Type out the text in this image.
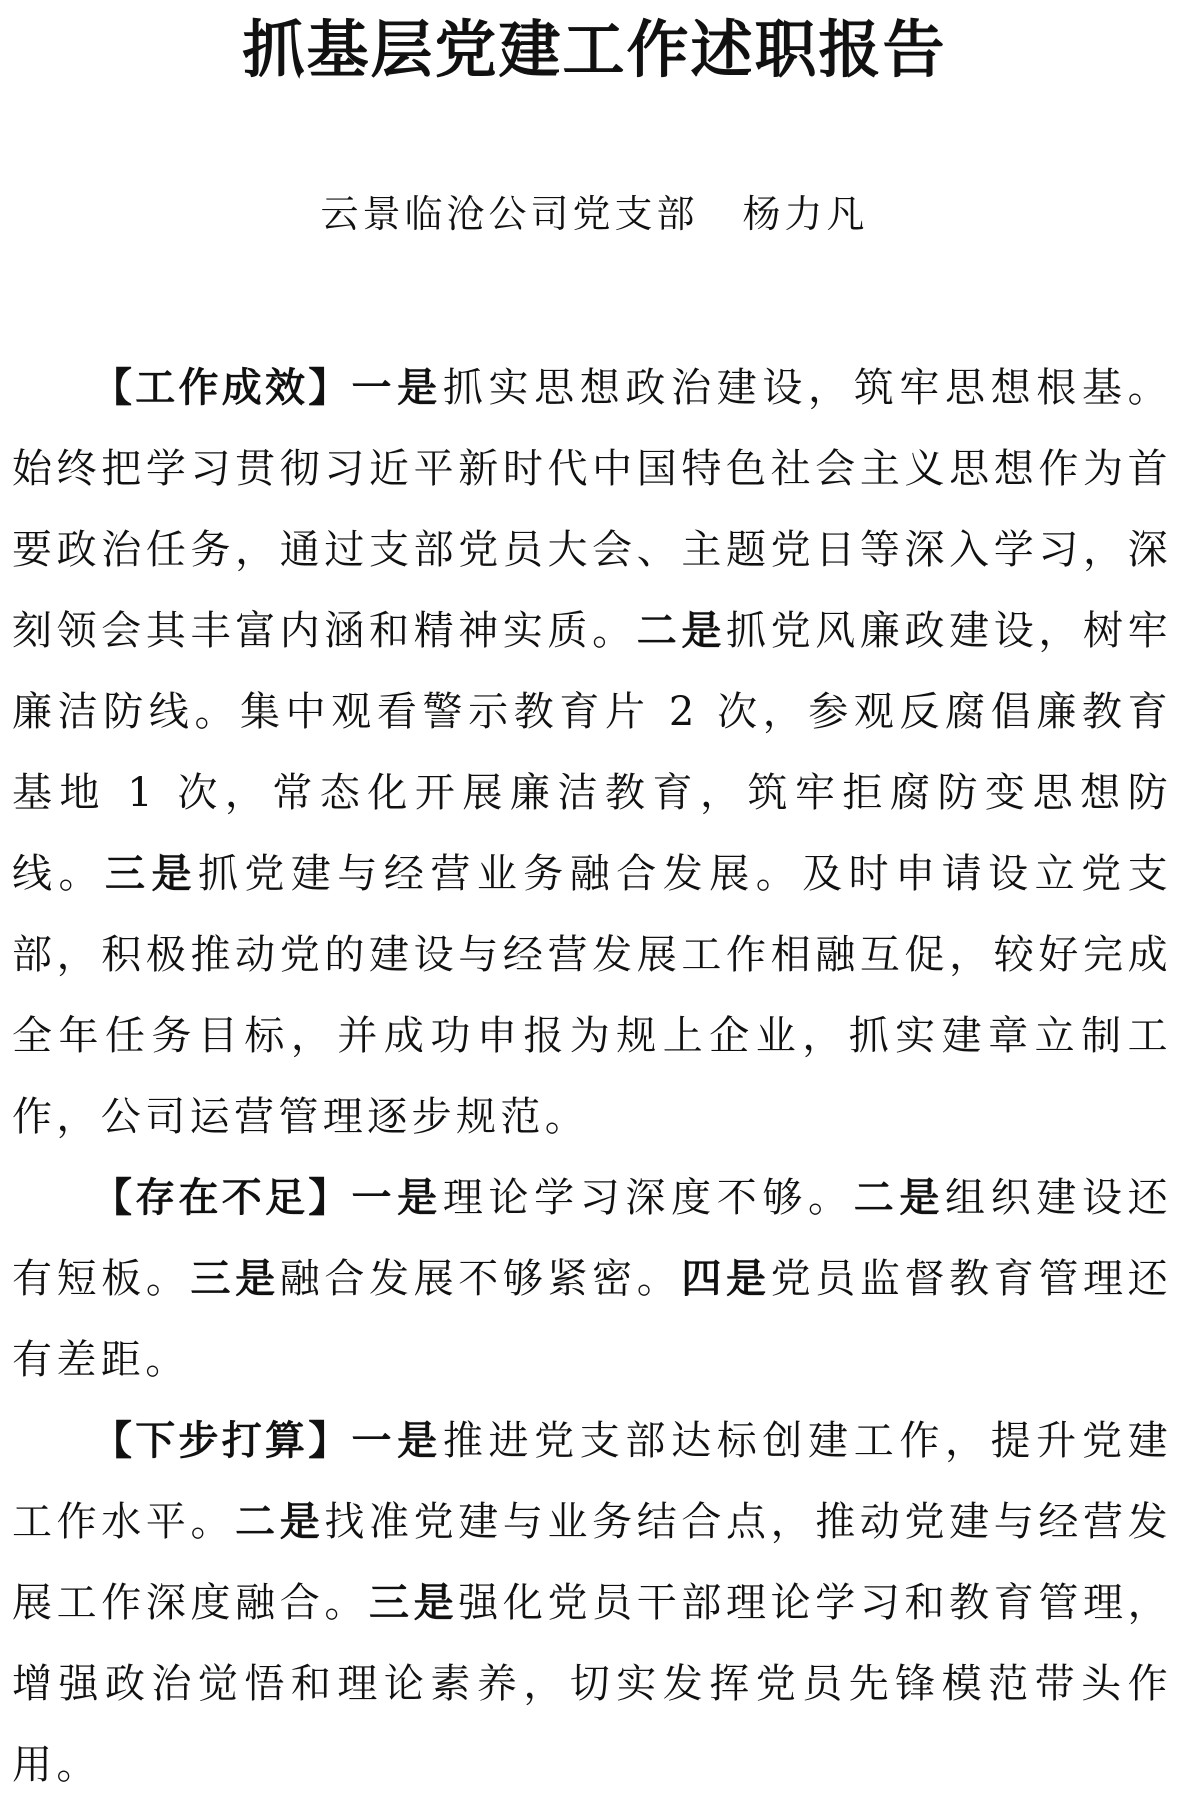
抓基层党建工作述职报告
云景临沧公司党支部 杨力凡

【工作成效】一是抓实思想政治建设，筑牢思想根基。始终把学习贯彻习近平新时代中国特色社会主义思想作为首要政治任务，通过支部党员大会、主题党日等深入学习，深刻领会其丰富内涵和精神实质。二是抓党风廉政建设，树牢廉洁防线。集中观看警示教育片 2 次，参观反腐倡廉教育基地 1 次，常态化开展廉洁教育，筑牢拒腐防变思想防线。三是抓党建与经营业务融合发展。及时申请设立党支部，积极推动党的建设与经营发展工作相融互促，较好完成全年任务目标，并成功申报为规上企业，抓实建章立制工作，公司运营管理逐步规范。

【存在不足】一是理论学习深度不够。二是组织建设还有短板。三是融合发展不够紧密。四是党员监督教育管理还有差距。

【下步打算】一是推进党支部达标创建工作，提升党建工作水平。二是找准党建与业务结合点，推动党建与经营发展工作深度融合。三是强化党员干部理论学习和教育管理，增强政治觉悟和理论素养，切实发挥党员先锋模范带头作用。
